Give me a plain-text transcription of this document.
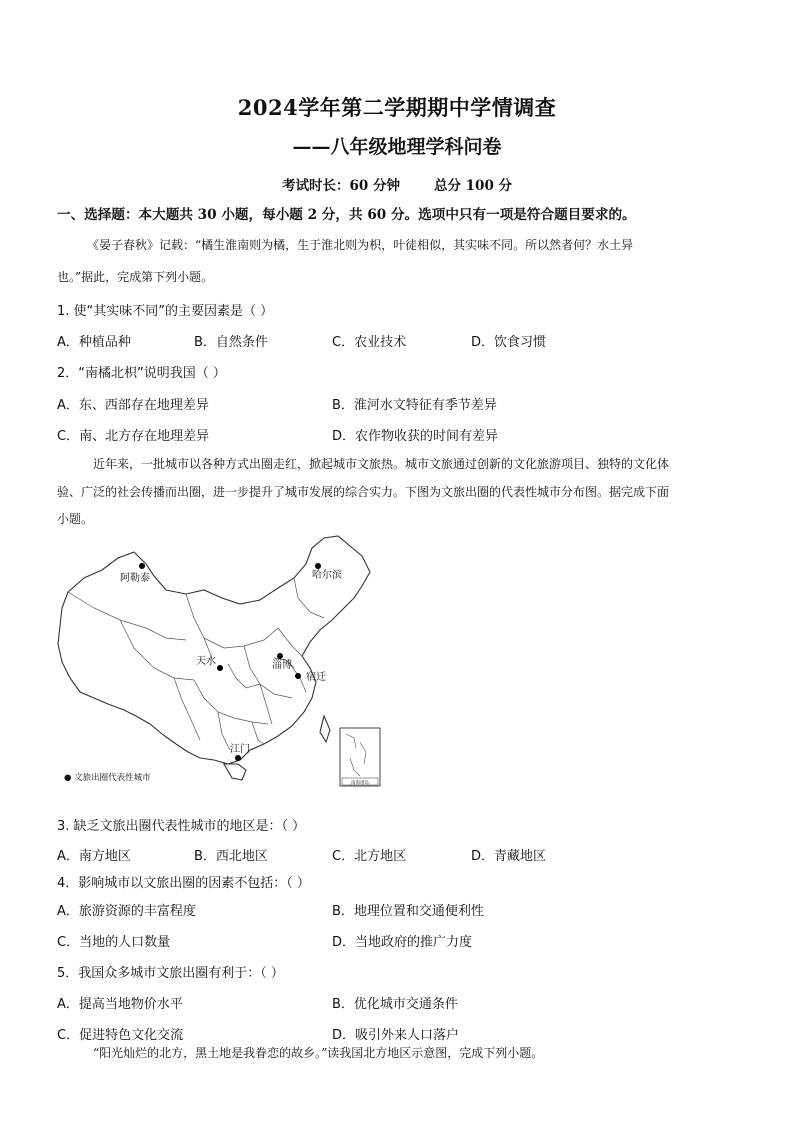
2024学年第二学期期中学情调查
——八年级地理学科问卷
考试时长：60 分钟	总分 100 分
一、选择题：本大题共 30 小题，每小题 2 分，共 60 分。选项中只有一项是符合题目要求的。
《晏子春秋》记载：“橘生淮南则为橘，生于淮北则为枳，叶徒相似，其实味不同。所以然者何？水土异
也。”据此，完成第下列小题。
1. 使“其实味不同”的主要因素是（ ）
A．种植品种	B．自然条件	C．农业技术	D．饮食习惯
2．“南橘北枳”说明我国（ ）
A．东、西部存在地理差异	B．淮河水文特征有季节差异
C．南、北方存在地理差异	D．农作物收获的时间有差异
近年来，一批城市以各种方式出圈走红，掀起城市文旅热。城市文旅通过创新的文化旅游项目、独特的文化体
验、广泛的社会传播而出圈，进一步提升了城市发展的综合实力。下图为文旅出圈的代表性城市分布图。据完成下面
小题。
南海诸岛
阿勒泰	哈尔滨
天水	淄博
宿迁
江门
● 文旅出圈代表性城市
3. 缺乏文旅出圈代表性城市的地区是：（ ）
A．南方地区	B．西北地区	C．北方地区	D．青藏地区
4．影响城市以文旅出圈的因素不包括：（ ）
A．旅游资源的丰富程度	B．地理位置和交通便利性
C．当地的人口数量	D．当地政府的推广力度
5．我国众多城市文旅出圈有利于：（ ）
A．提高当地物价水平	B．优化城市交通条件
C．促进特色文化交流	D．吸引外来人口落户
“阳光灿烂的北方，黑土地是我眷恋的故乡。”读我国北方地区示意图，完成下列小题。
